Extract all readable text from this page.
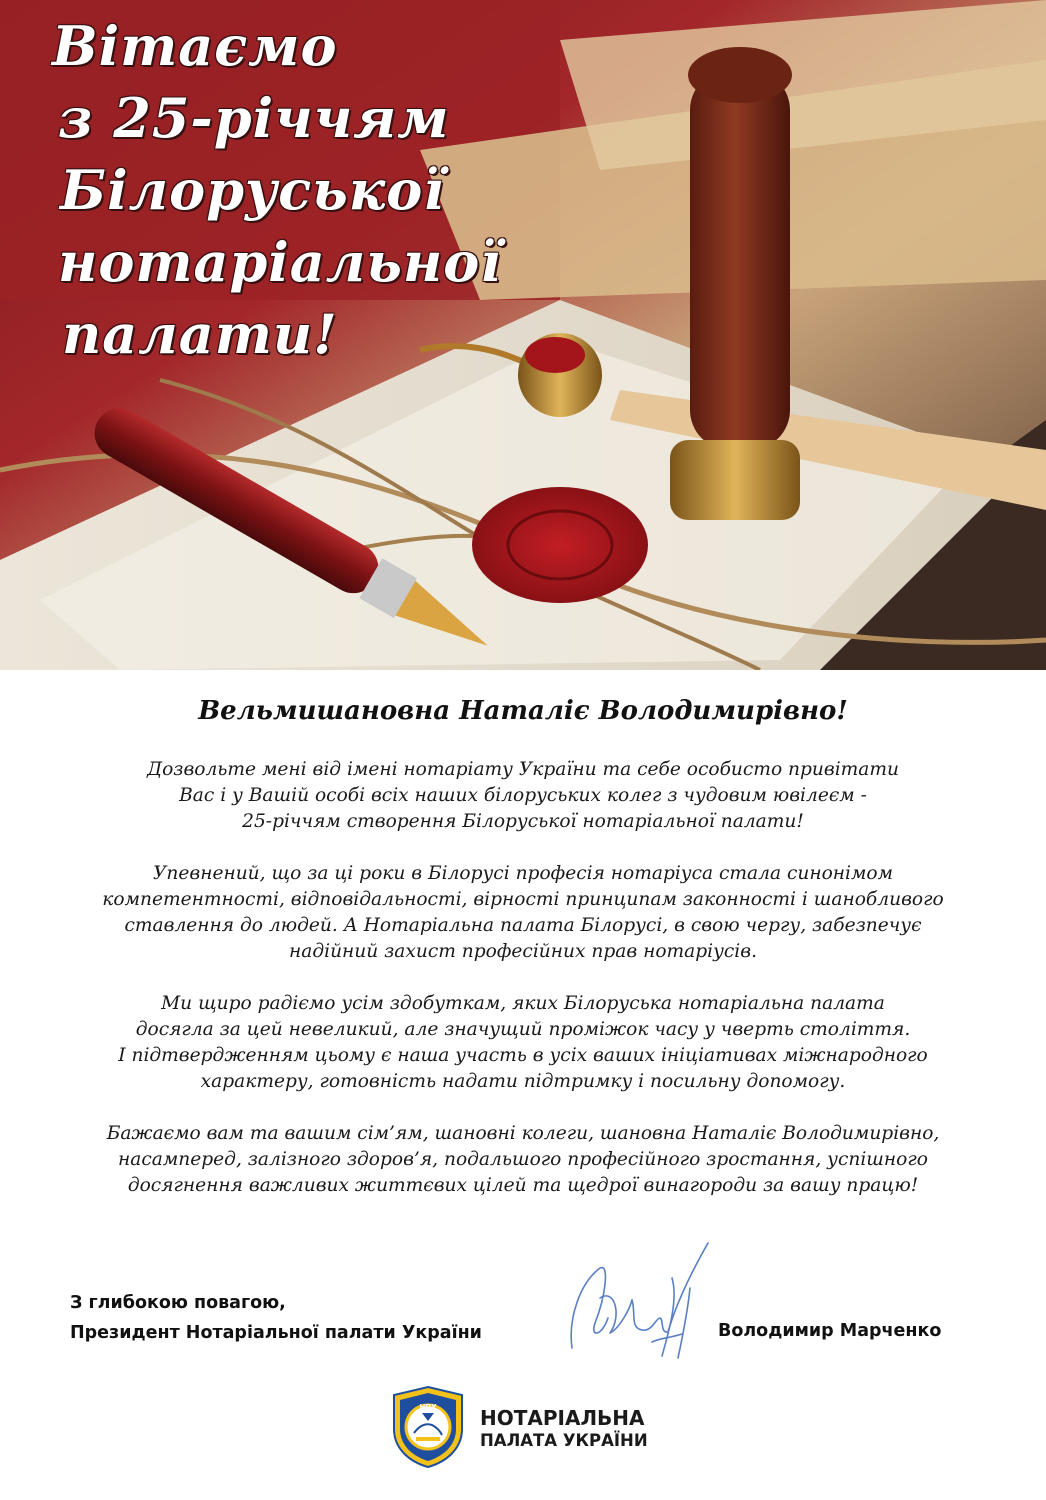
Вітаємо
з 25-річчям
Білоруської
нотаріальної
палати!
Вельмишановна Наталіє Володимирівно!

Дозвольте мені від імені нотаріату України та себе особисто привітати
Вас і у Вашій особі всіх наших білоруських колег з чудовим ювілеєм -
25-річчям створення Білоруської нотаріальної палати!

Упевнений, що за ці роки в Білорусі професія нотаріуса стала синонімом
компетентності, відповідальності, вірності принципам законності і шанобливого
ставлення до людей. А Нотаріальна палата Білорусі, в свою чергу, забезпечує
надійний захист професійних прав нотаріусів.

Ми щиро радіємо усім здобуткам, яких Білоруська нотаріальна палата
досягла за цей невеликий, але значущий проміжок часу у чверть століття.
І підтвердженням цьому є наша участь в усіх ваших ініціативах міжнародного
характеру, готовність надати підтримку і посильну допомогу.

Бажаємо вам та вашим сім’ям, шановні колеги, шановна Наталіє Володимирівно,
насамперед, залізного здоров’я, подальшого професійного зростання, успішного
досягнення важливих життєвих цілей та щедрої винагороди за вашу працю!

З глибокою повагою,
Президент Нотаріальної палати України	Володимир Марченко
НПУ НОТАРІАЛЬНА
ПАЛАТА УКРАЇНИ
